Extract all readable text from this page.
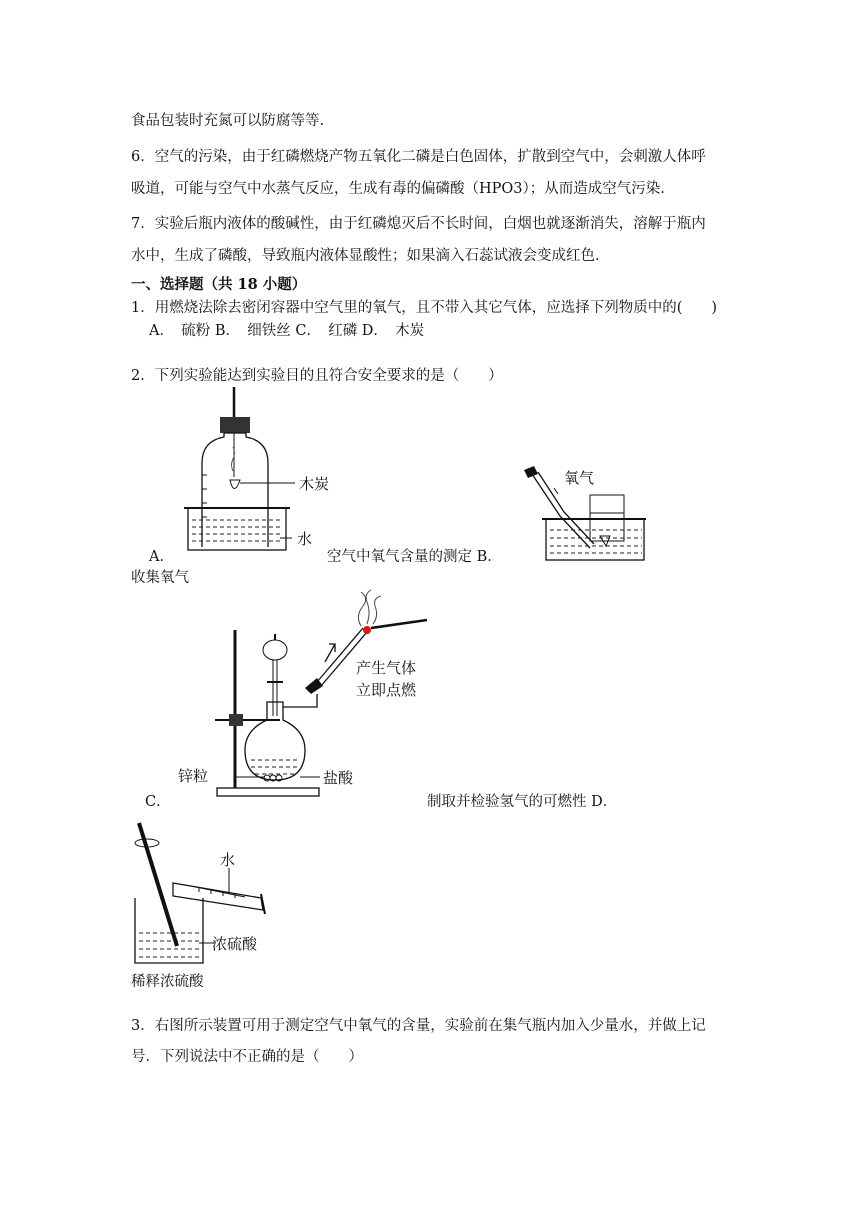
食品包装时充氮可以防腐等等.
6．空气的污染，由于红磷燃烧产物五氧化二磷是白色固体，扩散到空气中，会刺激人体呼
吸道，可能与空气中水蒸气反应，生成有毒的偏磷酸（HPO3）；从而造成空气污染.
7．实验后瓶内液体的酸碱性，由于红磷熄灭后不长时间，白烟也就逐渐消失，溶解于瓶内
水中，生成了磷酸，导致瓶内液体显酸性；如果滴入石蕊试液会变成红色.
一、选择题（共 18 小题）
1．用燃烧法除去密闭容器中空气里的氧气，且不带入其它气体，应选择下列物质中的(　　)
A．　硫粉 B．　细铁丝 C．　红磷 D．　木炭
2．下列实验能达到实验目的且符合安全要求的是（　　）
木炭
水
A．	空气中氧气含量的测定 B．
收集氧气
氧气
产生气体
立即点燃
锌粒	盐酸
C．	制取并检验氢气的可燃性 D．
水
浓硫酸
稀释浓硫酸
3．右图所示装置可用于测定空气中氧气的含量，实验前在集气瓶内加入少量水，并做上记
号．下列说法中不正确的是（　　）
